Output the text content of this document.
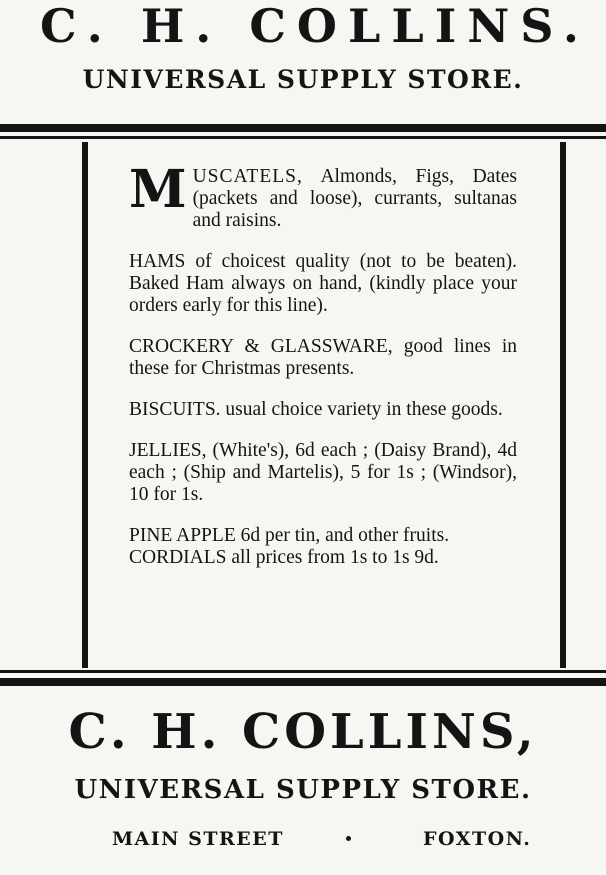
C. H. COLLINS.
UNIVERSAL SUPPLY STORE.

MUSCATELS, Almonds, Figs, Dates (packets and loose), currants, sultanas and raisins.

HAMS of choicest quality (not to be beaten). Baked Ham always on hand, (kindly place your orders early for this line).

CROCKERY & GLASSWARE, good lines in these for Christmas presents.

BISCUITS. usual choice variety in these goods.

JELLIES, (White's), 6d each ; (Daisy Brand), 4d each ; (Ship and Martelis), 5 for 1s ; (Windsor), 10 for 1s.

PINE APPLE 6d per tin, and other fruits.

CORDIALS all prices from 1s to 1s 9d.

C. H. COLLINS,
UNIVERSAL SUPPLY STORE.
MAIN STREET	FOXTON.
